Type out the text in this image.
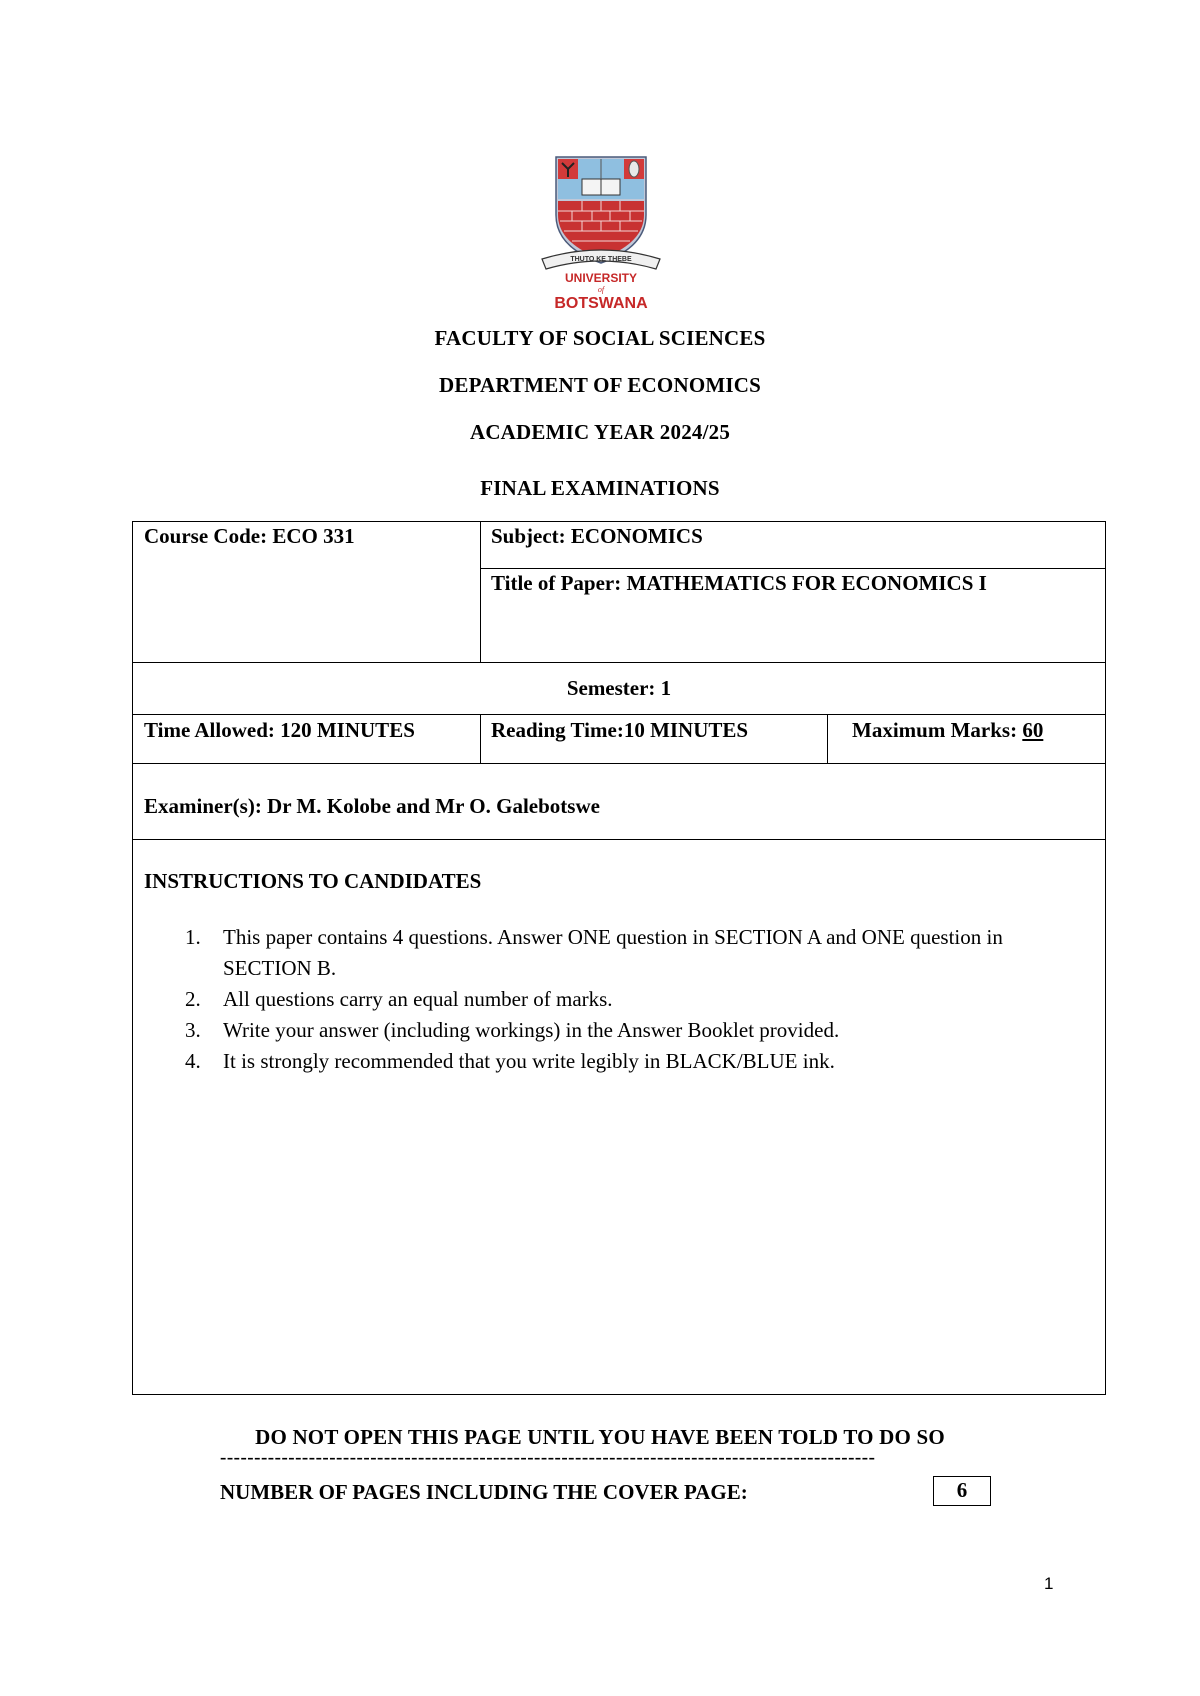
THUTO KE THEBE
UNIVERSITY
of
BOTSWANA
FACULTY OF SOCIAL SCIENCES
DEPARTMENT OF ECONOMICS
ACADEMIC YEAR 2024/25
FINAL EXAMINATIONS
Course Code: ECO 331	Subject: ECONOMICS
Title of Paper: MATHEMATICS FOR ECONOMICS I
Semester: 1
Time Allowed: 120 MINUTES	Reading Time:10 MINUTES	Maximum Marks: 60
Examiner(s): Dr M. Kolobe and Mr O. Galebotswe
INSTRUCTIONS TO CANDIDATES
1. This paper contains 4 questions. Answer ONE question in SECTION A and ONE question in SECTION B.
2. All questions carry an equal number of marks.
3. Write your answer (including workings) in the Answer Booklet provided.
4. It is strongly recommended that you write legibly in BLACK/BLUE ink.
DO NOT OPEN THIS PAGE UNTIL YOU HAVE BEEN TOLD TO DO SO
------------------------------------------------------------------------------------------------
NUMBER OF PAGES INCLUDING THE COVER PAGE:	6
1
